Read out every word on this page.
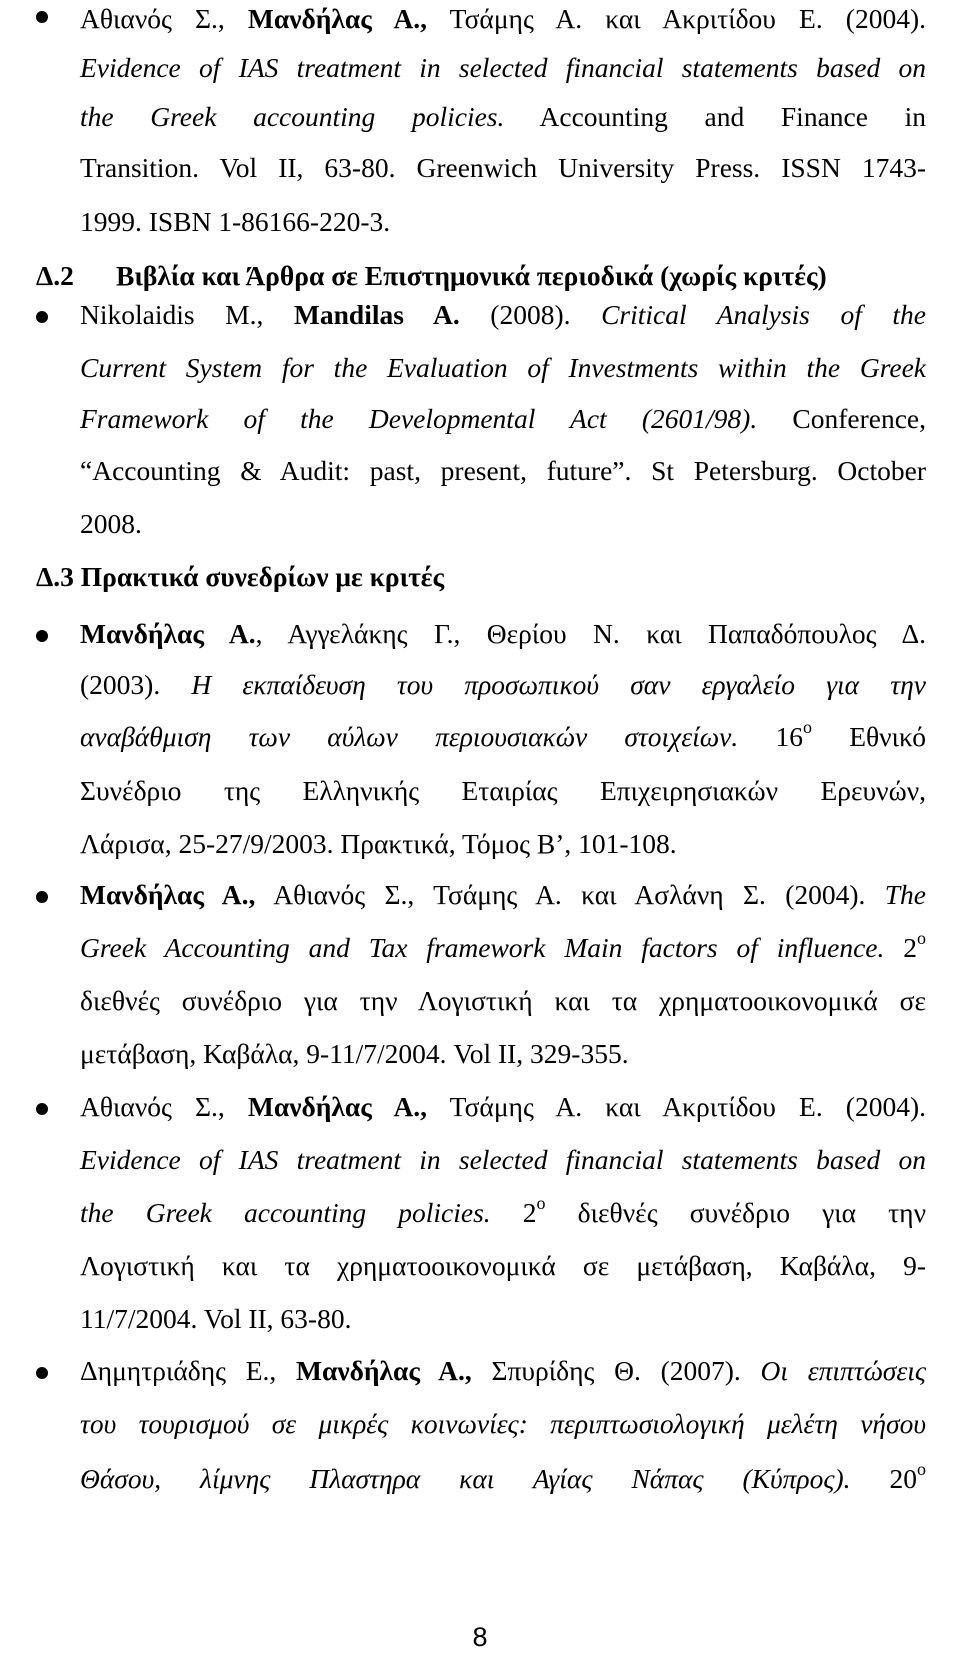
Αθιανός Σ., Μανδήλας Α., Τσάμης Α. και Ακριτίδου Ε. (2004).
Evidence of IAS treatment in selected financial statements based on
the Greek accounting policies. Accounting and Finance in
Transition. Vol II, 63-80. Greenwich University Press. ISSN 1743-
1999. ISBN 1-86166-220-3.
Δ.2 Βιβλία και Άρθρα σε Επιστημονικά περιοδικά (χωρίς κριτές)
Nikolaidis M., Mandilas A. (2008). Critical Analysis of the
Current System for the Evaluation of Investments within the Greek
Framework of the Developmental Act (2601/98). Conference,
“Accounting & Audit: past, present, future”. St Petersburg. October
2008.
Δ.3 Πρακτικά συνεδρίων με κριτές
Μανδήλας Α., Αγγελάκης Γ., Θερίου Ν. και Παπαδόπουλος Δ.
(2003). Η εκπαίδευση του προσωπικού σαν εργαλείο για την
αναβάθμιση των αύλων περιουσιακών στοιχείων. $16^o$ Εθνικό
Συνέδριο της Ελληνικής Εταιρίας Επιχειρησιακών Ερευνών,
Λάρισα, 25-27/9/2003. Πρακτικά, Τόμος Β’, 101-108.
Μανδήλας Α., Αθιανός Σ., Τσάμης Α. και Ασλάνη Σ. (2004). The
Greek Accounting and Tax framework Main factors of influence. $2^o$
διεθνές συνέδριο για την Λογιστική και τα χρηματοοικονομικά σε
μετάβαση, Καβάλα, 9-11/7/2004. Vol II, 329-355.
Αθιανός Σ., Μανδήλας Α., Τσάμης Α. και Ακριτίδου Ε. (2004).
Evidence of IAS treatment in selected financial statements based on
the Greek accounting policies. $2^o$ διεθνές συνέδριο για την
Λογιστική και τα χρηματοοικονομικά σε μετάβαση, Καβάλα, 9-
11/7/2004. Vol II, 63-80.
Δημητριάδης Ε., Μανδήλας Α., Σπυρίδης Θ. (2007). Οι επιπτώσεις
του τουρισμού σε μικρές κοινωνίες: περιπτωσιολογική μελέτη νήσου
Θάσου, λίμνης Πλαστηρα και Αγίας Νάπας (Κύπρος). $20^o$
8
